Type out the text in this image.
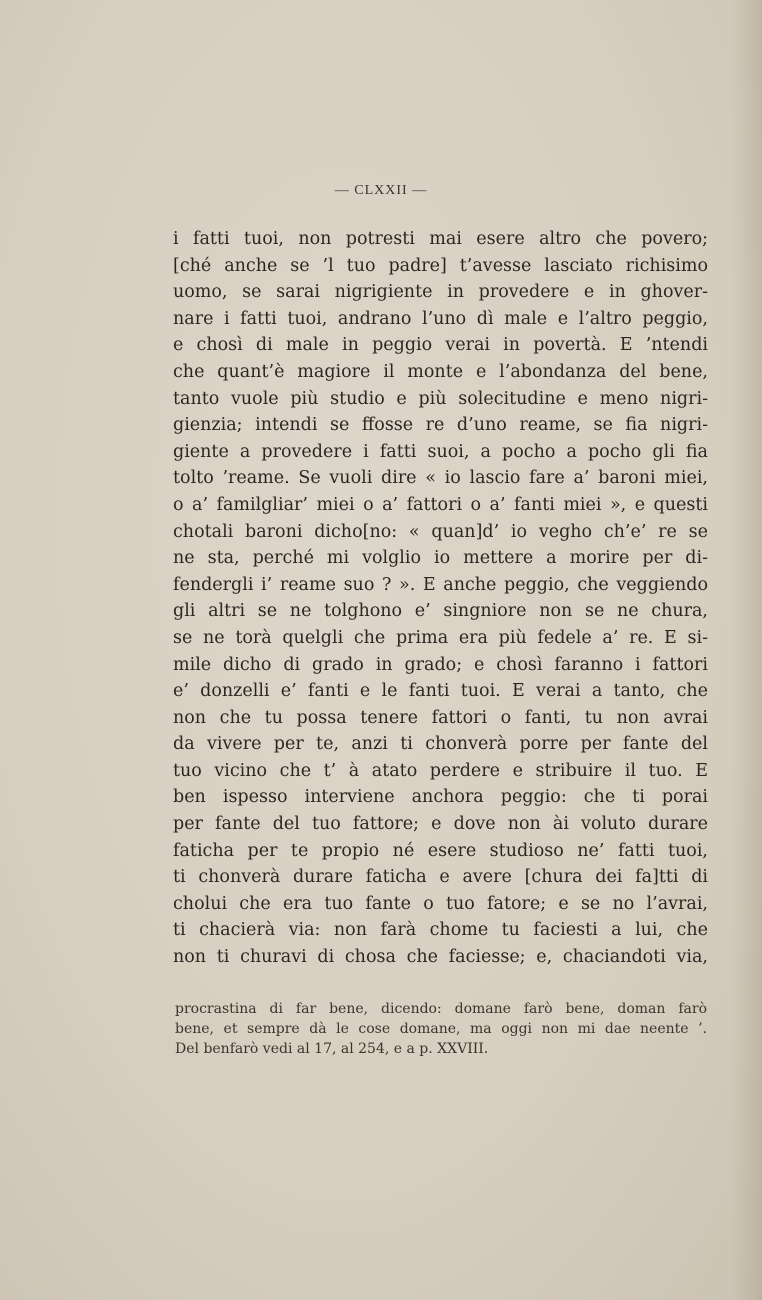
— CLXXII —
i fatti tuoi, non potresti mai esere altro che povero;
[ché anche se ’l tuo padre] t’avesse lasciato richisimo
uomo, se sarai nigrigiente in provedere e in ghover-
nare i fatti tuoi, andrano l’uno dì male e l’altro peggio,
e chosì di male in peggio verai in povertà. E ’ntendi
che quant’è magiore il monte e l’abondanza del bene,
tanto vuole più studio e più solecitudine e meno nigri-
gienzia; intendi se ffosse re d’uno reame, se fia nigri-
giente a provedere i fatti suoi, a pocho a pocho gli fia
tolto ’reame. Se vuoli dire « io lascio fare a’ baroni miei,
o a’ familgliar’ miei o a’ fattori o a’ fanti miei », e questi
chotali baroni dicho[no: « quan]d’ io vegho ch’e’ re se
ne sta, perché mi volglio io mettere a morire per di-
fendergli i’ reame suo ? ». E anche peggio, che veggiendo
gli altri se ne tolghono e’ singniore non se ne chura,
se ne torà quelgli che prima era più fedele a’ re. E si-
mile dicho di grado in grado; e chosì faranno i fattori
e’ donzelli e’ fanti e le fanti tuoi. E verai a tanto, che
non che tu possa tenere fattori o fanti, tu non avrai
da vivere per te, anzi ti chonverà porre per fante del
tuo vicino che t’ à atato perdere e stribuire il tuo. E
ben ispesso interviene anchora peggio: che ti porai
per fante del tuo fattore; e dove non ài voluto durare
faticha per te propio né esere studioso ne’ fatti tuoi,
ti chonverà durare faticha e avere [chura dei fa]tti di
cholui che era tuo fante o tuo fatore; e se no l’avrai,
ti chacierà via: non farà chome tu faciesti a lui, che
non ti churavi di chosa che faciesse; e, chaciandoti via,
procrastina di far bene, dicendo: domane farò bene, doman farò
bene, et sempre dà le cose domane, ma oggi non mi dae neente ’.
Del benfarò vedi al 17, al 254, e a p. XXVIII.
